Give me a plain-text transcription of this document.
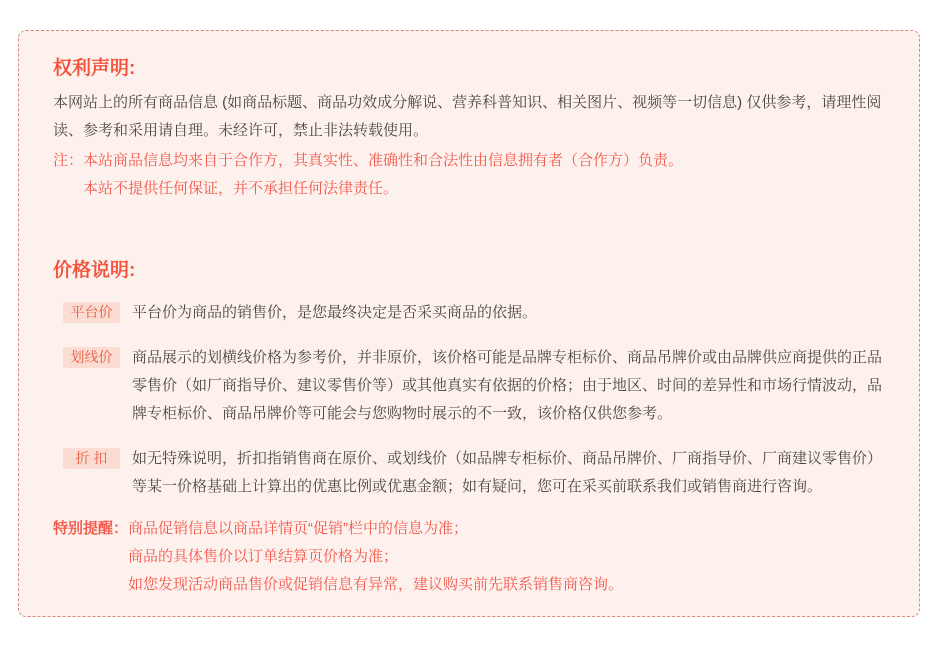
权利声明:

本网站上的所有商品信息 (如商品标题、商品功效成分解说、营养科普知识、相关图片、视频等一切信息) 仅供参考，请理性阅读、参考和采用请自理。未经许可，禁止非法转载使用。

注： 本站商品信息均来自于合作方，其真实性、准确性和合法性由信息拥有者（合作方）负责。
本站不提供任何保证，并不承担任何法律责任。
价格说明:
平台价	平台价为商品的销售价，是您最终决定是否采买商品的依据。

划线价	商品展示的划横线价格为参考价，并非原价，该价格可能是品牌专柜标价、商品吊牌价或由品牌供应商提供的正品零售价（如厂商指导价、建议零售价等）或其他真实有依据的价格；由于地区、时间的差异性和市场行情波动，品牌专柜标价、商品吊牌价等可能会与您购物时展示的不一致，该价格仅供您参考。

折 扣	如无特殊说明，折扣指销售商在原价、或划线价（如品牌专柜标价、商品吊牌价、厂商指导价、厂商建议零售价）等某一价格基础上计算出的优惠比例或优惠金额；如有疑问，您可在采买前联系我们或销售商进行咨询。

特别提醒： 商品促销信息以商品详情页“促销”栏中的信息为准；
商品的具体售价以订单结算页价格为准；
如您发现活动商品售价或促销信息有异常，建议购买前先联系销售商咨询。
